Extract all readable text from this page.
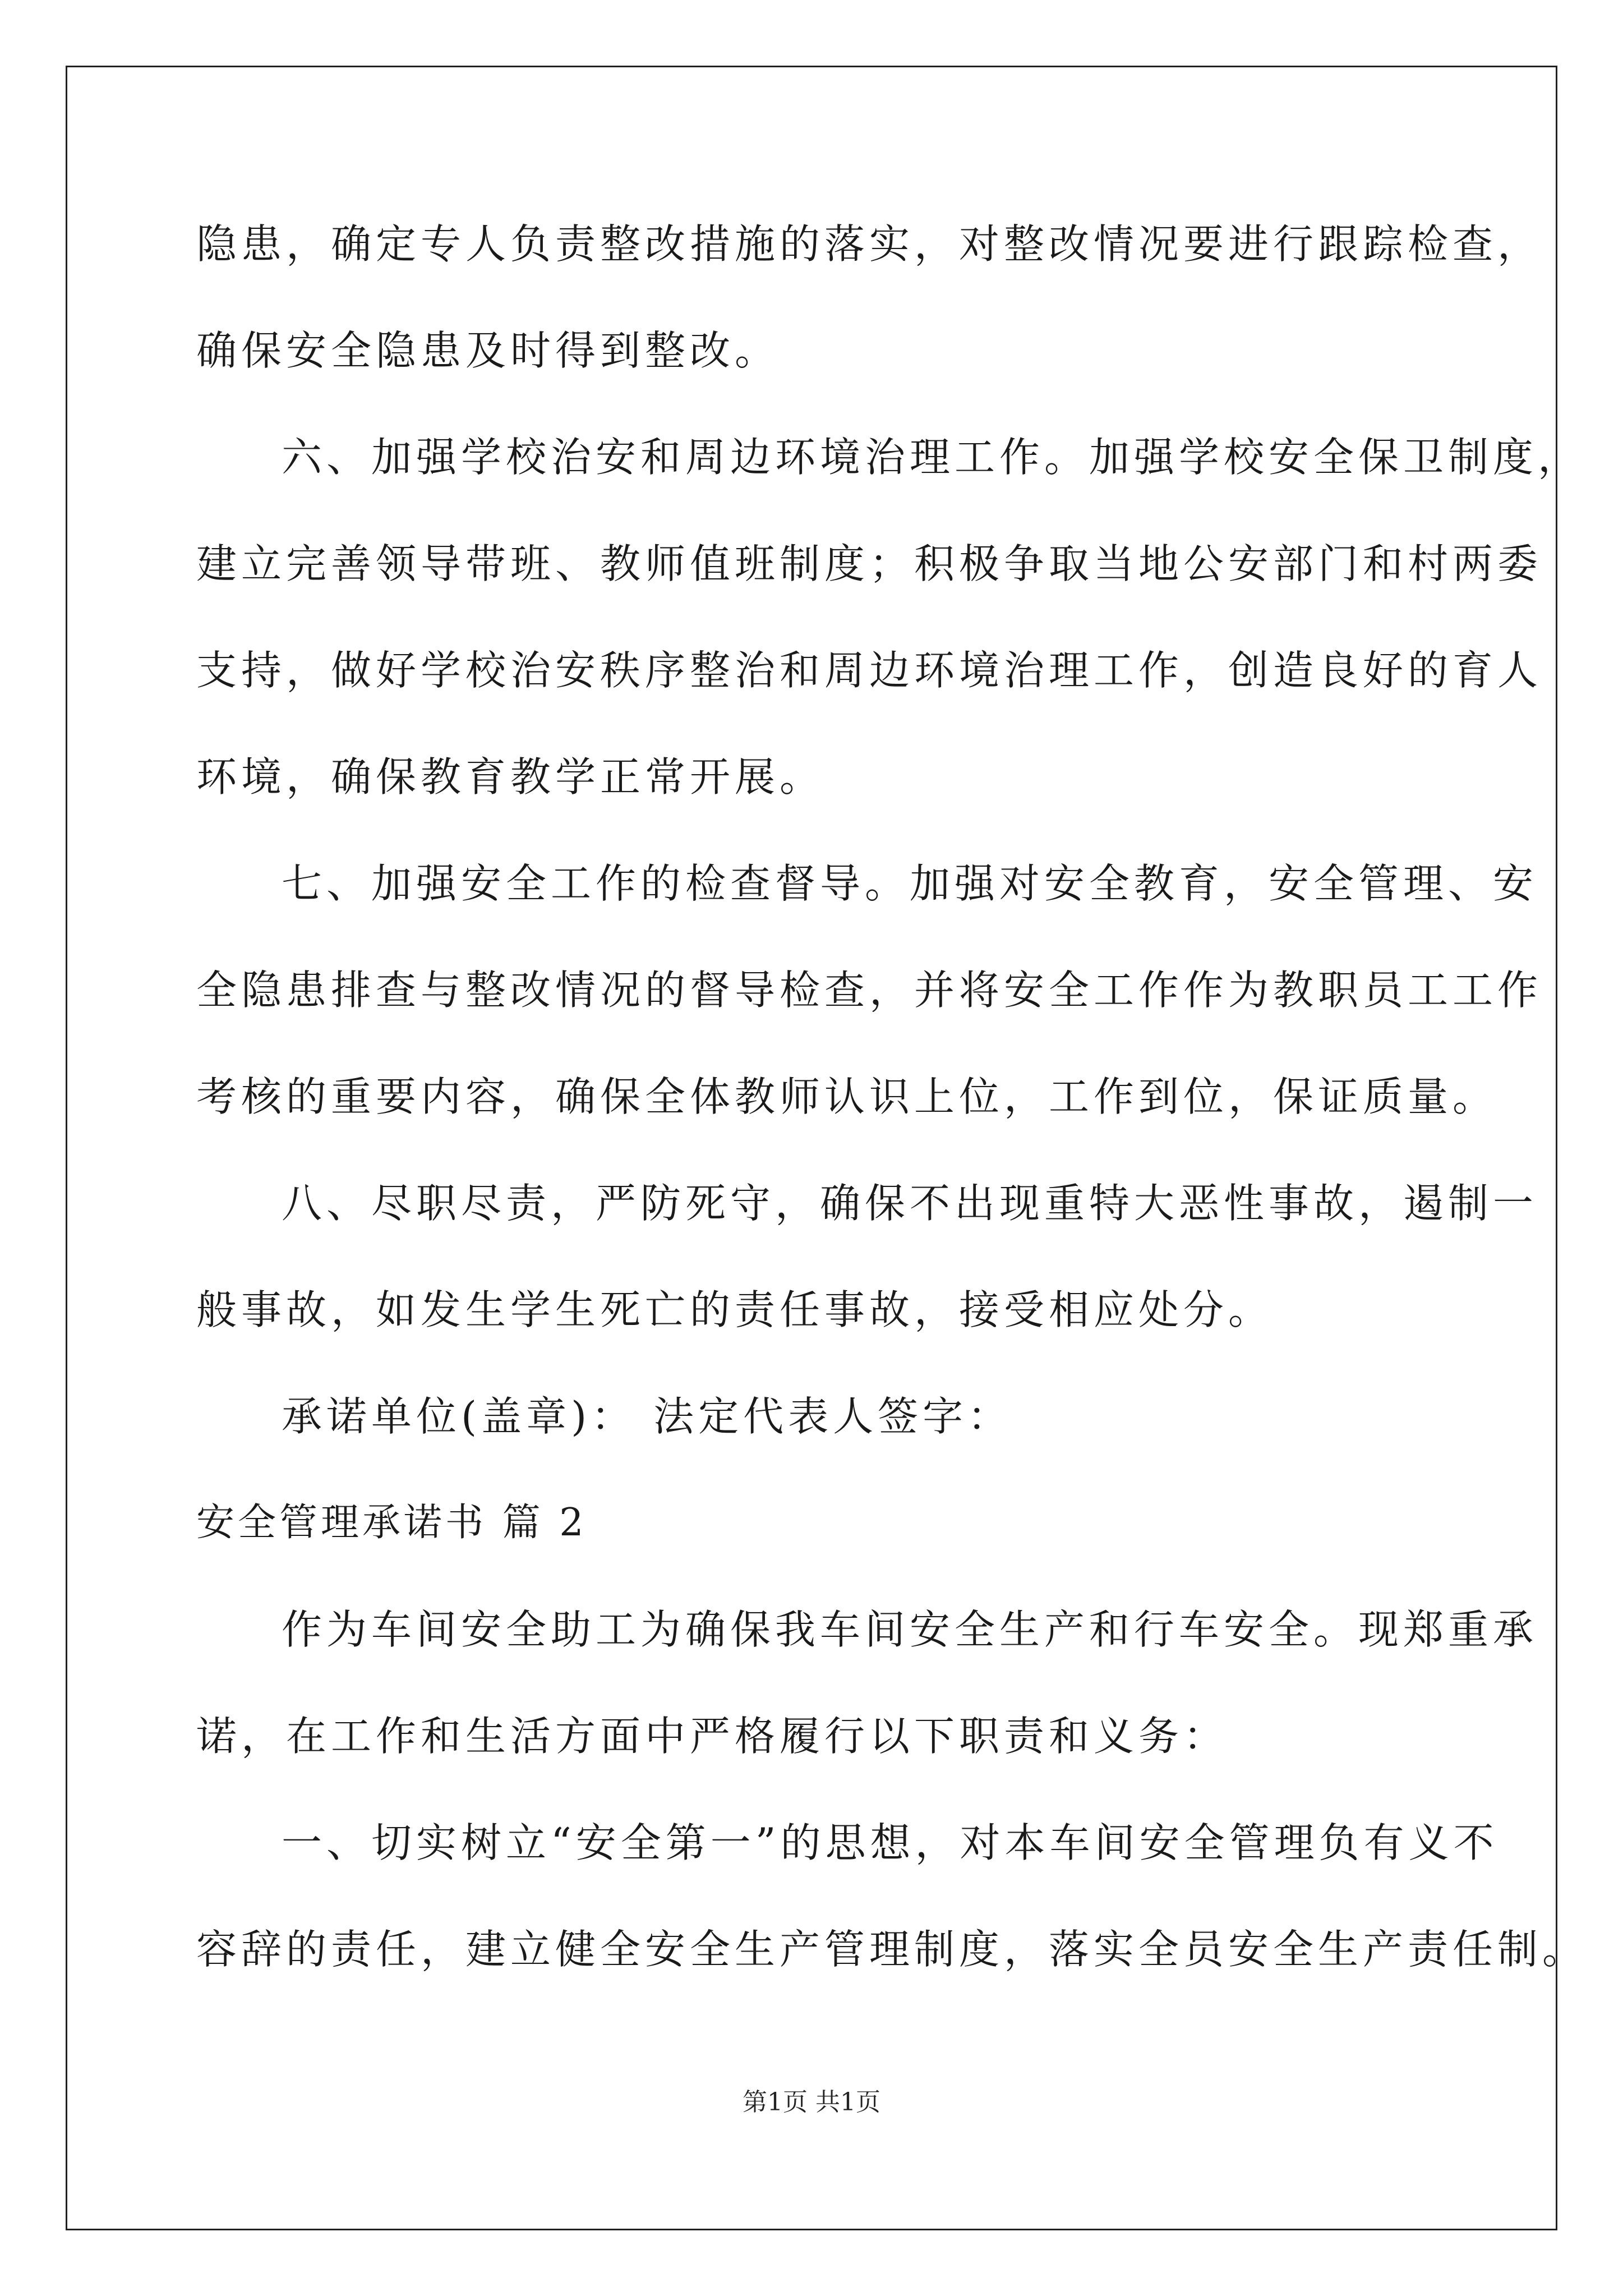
隐患，确定专人负责整改措施的落实，对整改情况要进行跟踪检查，
确保安全隐患及时得到整改。
六、加强学校治安和周边环境治理工作。加强学校安全保卫制度，
建立完善领导带班、教师值班制度；积极争取当地公安部门和村两委
支持，做好学校治安秩序整治和周边环境治理工作，创造良好的育人
环境，确保教育教学正常开展。
七、加强安全工作的检查督导。加强对安全教育，安全管理、安
全隐患排查与整改情况的督导检查，并将安全工作作为教职员工工作
考核的重要内容，确保全体教师认识上位，工作到位，保证质量。
八、尽职尽责，严防死守，确保不出现重特大恶性事故，遏制一
般事故，如发生学生死亡的责任事故，接受相应处分。
承诺单位(盖章)： 法定代表人签字：
安全管理承诺书 篇 2
作为车间安全助工为确保我车间安全生产和行车安全。现郑重承
诺，在工作和生活方面中严格履行以下职责和义务：
一、切实树立“安全第一”的思想，对本车间安全管理负有义不
容辞的责任，建立健全安全生产管理制度，落实全员安全生产责任制。
第1页 共1页
